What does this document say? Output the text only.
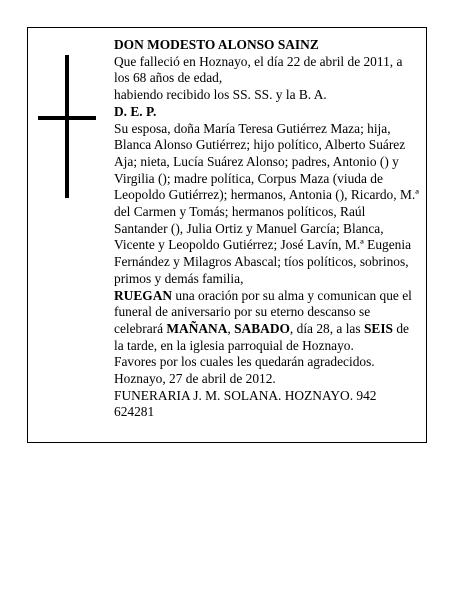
DON MODESTO ALONSO SAINZ

Que falleció en Hoznayo, el día 22 de abril de 2011, a los 68 años de edad,

habiendo recibido los SS. SS. y la B. A.

D. E. P.

Su esposa, doña María Teresa Gutiérrez Maza; hija, Blanca Alonso Gutiérrez; hijo político, Alberto Suárez Aja; nieta, Lucía Suárez Alonso; padres, Antonio () y Virgilia (); madre política, Corpus Maza (viuda de Leopoldo Gutiérrez); hermanos, Antonia (), Ricardo, M.ª del Carmen y Tomás; hermanos políticos, Raúl Santander (), Julia Ortiz y Manuel García; Blanca, Vicente y Leopoldo Gutiérrez; José Lavín, M.ª Eugenia Fernández y Milagros Abascal; tíos políticos, sobrinos, primos y demás familia,

RUEGAN una oración por su alma y comunican que el funeral de aniversario por su eterno descanso se celebrará MAÑANA, SABADO, día 28, a las SEIS de la tarde, en la iglesia parroquial de Hoznayo.

Favores por los cuales les quedarán agradecidos.

Hoznayo, 27 de abril de 2012.

FUNERARIA J. M. SOLANA. HOZNAYO. 942 624281
